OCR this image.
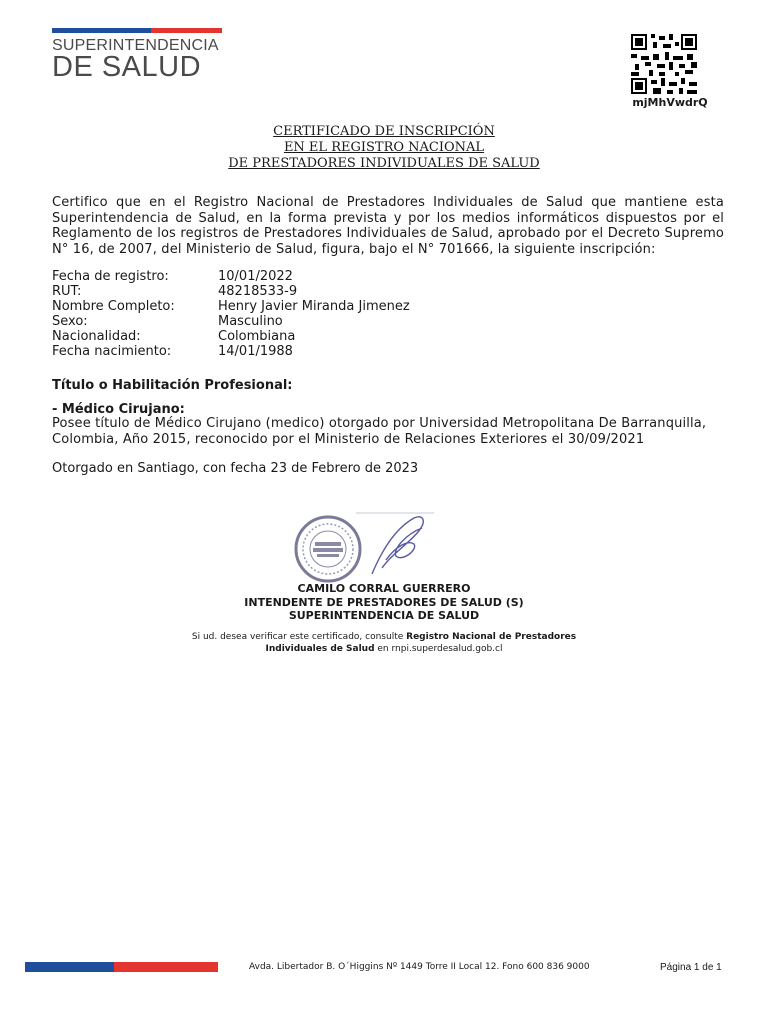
SUPERINTENDENCIA
DE SALUD
mjMhVwdrQ
CERTIFICADO DE INSCRIPCIÓN
EN EL REGISTRO NACIONAL
DE PRESTADORES INDIVIDUALES DE SALUD
Certifico que en el Registro Nacional de Prestadores Individuales de Salud que mantiene esta Superintendencia de Salud, en la forma prevista y por los medios informáticos dispuestos por el Reglamento de los registros de Prestadores Individuales de Salud, aprobado por el Decreto Supremo N° 16, de 2007, del Ministerio de Salud, figura, bajo el N° 701666, la siguiente inscripción:
Fecha de registro:	10/01/2022
RUT:	48218533-9
Nombre Completo:	Henry Javier Miranda Jimenez
Sexo:	Masculino
Nacionalidad:	Colombiana
Fecha nacimiento:	14/01/1988
Título o Habilitación Profesional:
- Médico Cirujano:
Posee título de Médico Cirujano (medico) otorgado por Universidad Metropolitana De Barranquilla, Colombia, Año 2015, reconocido por el Ministerio de Relaciones Exteriores el 30/09/2021
Otorgado en Santiago, con fecha 23 de Febrero de 2023
CAMILO CORRAL GUERRERO
INTENDENTE DE PRESTADORES DE SALUD (S)
SUPERINTENDENCIA DE SALUD
Si ud. desea verificar este certificado, consulte Registro Nacional de Prestadores
Individuales de Salud en rnpi.superdesalud.gob.cl
Avda. Libertador B. O´Higgins Nº 1449 Torre II Local 12. Fono 600 836 9000	Página 1 de 1
